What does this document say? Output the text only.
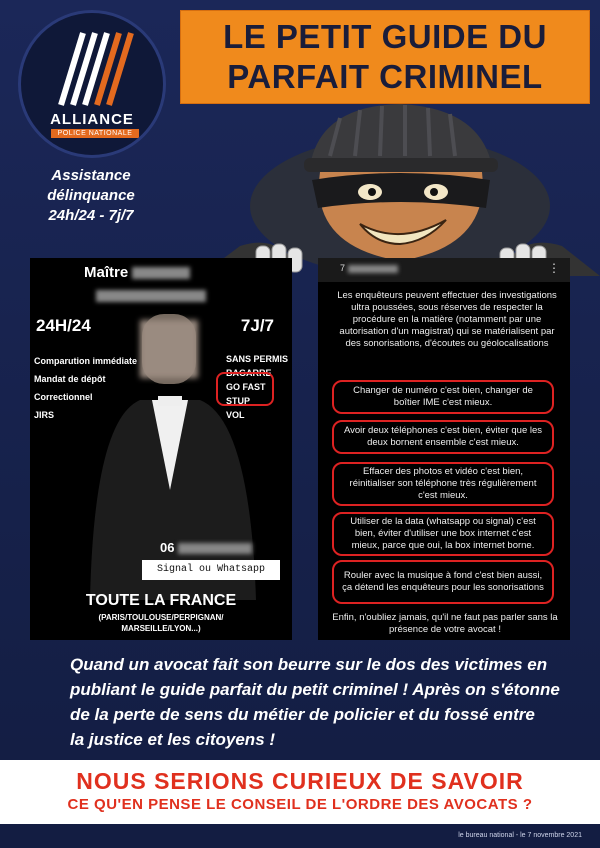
ALLIANCE
POLICE NATIONALE
Assistance
délinquance
24h/24 - 7j/7
LE PETIT GUIDE DU
PARFAIT CRIMINEL
Maître
24H/24	7J/7
Comparution immédiate
Mandat de dépôt
Correctionnel
JIRS
SANS PERMIS
BAGARRE
GO FAST
STUP
VOL
06
Signal ou Whatsapp
TOUTE LA FRANCE
(PARIS/TOULOUSE/PERPIGNAN/
MARSEILLE/LYON...)
7	⋮
Les enquêteurs peuvent effectuer des investigations ultra poussées, sous réserves de respecter la procédure en la matière (notamment par une autorisation d'un magistrat) qui se matérialisent par des sonorisations, d'écoutes ou géolocalisations
Changer de numéro c'est bien, changer de boîtier IME c'est mieux.
Avoir deux téléphones c'est bien, éviter que les deux bornent ensemble c'est mieux.
Effacer des photos et vidéo c'est bien, réinitialiser son téléphone très régulièrement c'est mieux.
Utiliser de la data (whatsapp ou signal) c'est bien, éviter d'utiliser une box internet c'est mieux, parce que oui, la box internet borne.
Rouler avec la musique à fond c'est bien aussi, ça détend les enquêteurs pour les sonorisations
Enfin, n'oubliez jamais, qu'il ne faut pas parler sans la présence de votre avocat !
Quand un avocat fait son beurre sur le dos des victimes en
publiant le guide parfait du petit criminel ! Après on s'étonne
de la perte de sens du métier de policier et du fossé entre
la justice et les citoyens !
NOUS SERIONS CURIEUX DE SAVOIR
CE QU'EN PENSE LE CONSEIL DE L'ORDRE DES AVOCATS ?
le bureau national - le 7 novembre 2021
